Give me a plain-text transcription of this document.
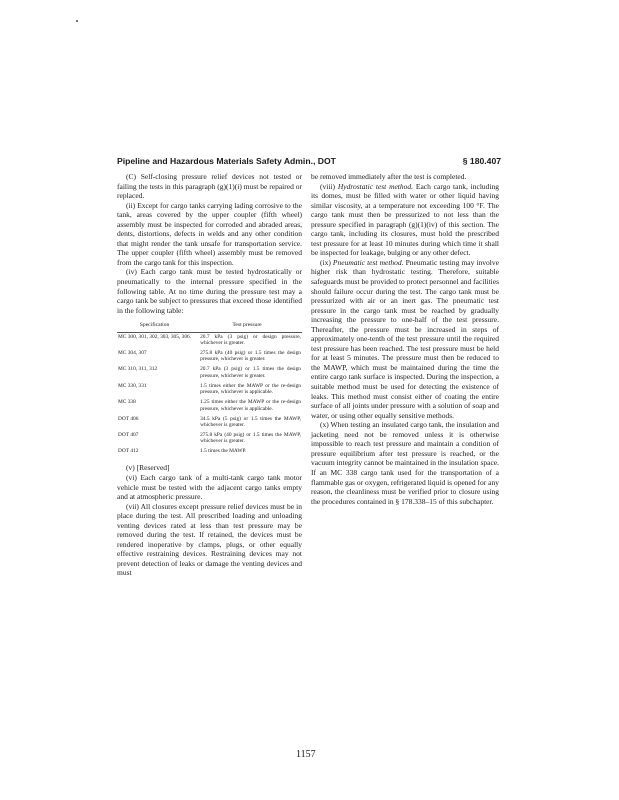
Pipeline and Hazardous Materials Safety Admin., DOT	§ 180.407

(C) Self-closing pressure relief devices not tested or failing the tests in this paragraph (g)(1)(i) must be repaired or replaced.

(ii) Except for cargo tanks carrying lading corrosive to the tank, areas covered by the upper coupler (fifth wheel) assembly must be inspected for corroded and abraded areas, dents, distortions, defects in welds and any other condition that might render the tank unsafe for transportation service. The upper coupler (fifth wheel) assembly must be removed from the cargo tank for this inspection.

(iv) Each cargo tank must be tested hydrostatically or pneumatically to the internal pressure specified in the following table. At no time during the pressure test may a cargo tank be subject to pressures that exceed those identified in the following table:

Specification	Test pressure
MC 300, 301, 302, 303, 305, 306.	20.7 kPa (3 psig) or design pressure, whichever is greater.
MC 304, 307	275.8 kPa (40 psig) or 1.5 times the design pressure, whichever is greater.
MC 310, 311, 312	20.7 kPa (3 psig) or 1.5 times the design pressure, whichever is greater.
MC 330, 331	1.5 times either the MAWP or the re-design pressure, whichever is applicable.
MC 338	1.25 times either the MAWP or the re-design pressure, whichever is applicable.
DOT 406	34.5 kPa (5 psig) or 1.5 times the MAWP, whichever is greater.
DOT 407	275.8 kPa (40 psig) or 1.5 times the MAWP, whichever is greater.
DOT 412	1.5 times the MAWP.

(v) [Reserved]

(vi) Each cargo tank of a multi-tank cargo tank motor vehicle must be tested with the adjacent cargo tanks empty and at atmospheric pressure.

(vii) All closures except pressure relief devices must be in place during the test. All prescribed loading and unloading venting devices rated at less than test pressure may be removed during the test. If retained, the devices must be rendered inoperative by clamps, plugs, or other equally effective restraining devices. Restraining devices may not prevent detection of leaks or damage the venting devices and must

be removed immediately after the test is completed.

(viii) Hydrostatic test method. Each cargo tank, including its domes, must be filled with water or other liquid having similar viscosity, at a temperature not exceeding 100 °F. The cargo tank must then be pressurized to not less than the pressure specified in paragraph (g)(1)(iv) of this section. The cargo tank, including its closures, must hold the prescribed test pressure for at least 10 minutes during which time it shall be inspected for leakage, bulging or any other defect.

(ix) Pneumatic test method. Pneumatic testing may involve higher risk than hydrostatic testing. Therefore, suitable safeguards must be provided to protect personnel and facilities should failure occur during the test. The cargo tank must be pressurized with air or an inert gas. The pneumatic test pressure in the cargo tank must be reached by gradually increasing the pressure to one-half of the test pressure. Thereafter, the pressure must be increased in steps of approximately one-tenth of the test pressure until the required test pressure has been reached. The test pressure must be held for at least 5 minutes. The pressure must then be reduced to the MAWP, which must be maintained during the time the entire cargo tank surface is inspected. During the inspection, a suitable method must be used for detecting the existence of leaks. This method must consist either of coating the entire surface of all joints under pressure with a solution of soap and water, or using other equally sensitive methods.

(x) When testing an insulated cargo tank, the insulation and jacketing need not be removed unless it is otherwise impossible to reach test pressure and maintain a condition of pressure equilibrium after test pressure is reached, or the vacuum integrity cannot be maintained in the insulation space. If an MC 338 cargo tank used for the transportation of a flammable gas or oxygen, refrigerated liquid is opened for any reason, the cleanliness must be verified prior to closure using the procedures contained in § 178.338–15 of this subchapter.

1157
